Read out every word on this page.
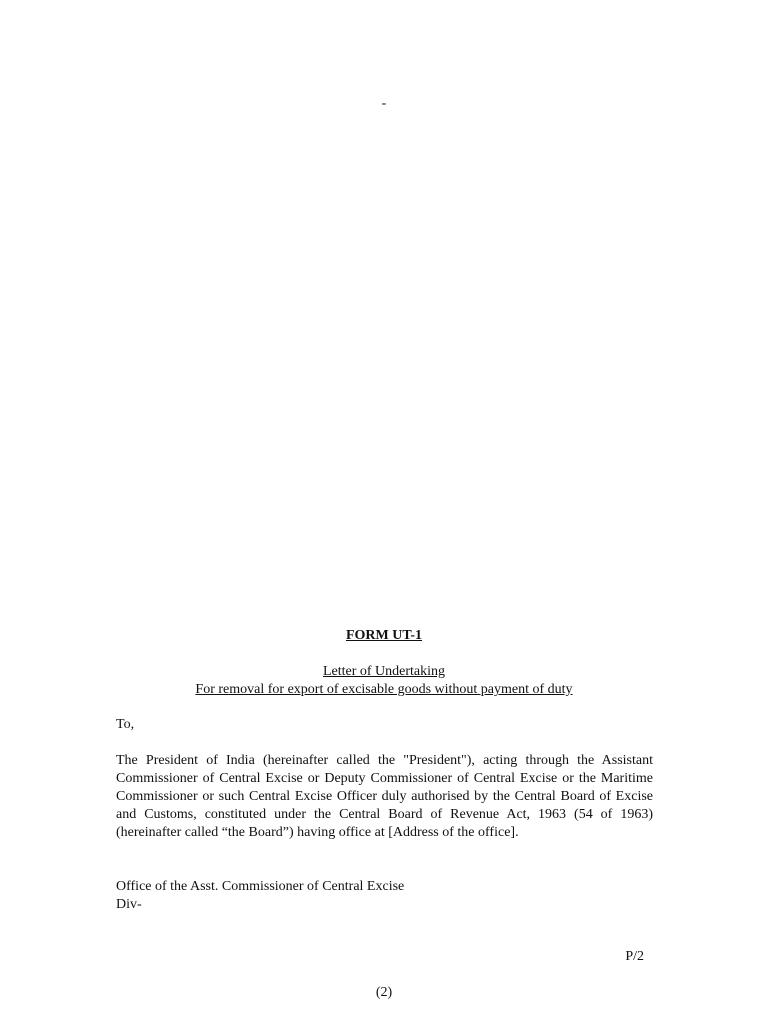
-
FORM UT-1
Letter of Undertaking
For removal for export of excisable goods without payment of duty
To,
The President of India (hereinafter called the "President"), acting through the Assistant Commissioner of Central Excise or Deputy Commissioner of Central Excise or the Maritime Commissioner or such Central Excise Officer duly authorised by the Central Board of Excise and Customs, constituted under the Central Board of Revenue Act, 1963 (54 of 1963) (hereinafter called “the Board”) having office at [Address of the office].
Office of the Asst. Commissioner of Central Excise
Div-
P/2
(2)
